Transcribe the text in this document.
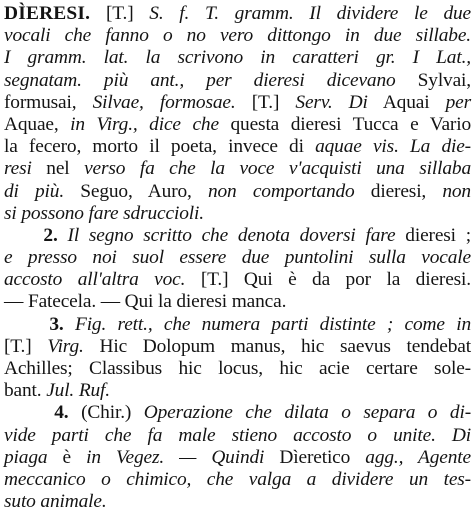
DÌERESI. [T.] S. f. T. gramm. Il dividere le due
vocali che fanno o no vero dittongo in due sillabe.
I gramm. lat. la scrivono in caratteri gr. I Lat.,
segnatam. più ant., per dieresi dicevano Sylvai,
formusai, Silvae, formosae. [T.] Serv. Di Aquai per
Aquae, in Virg., dice che questa dieresi Tucca e Vario
la fecero, morto il poeta, invece di aquae vis. La die-
resi nel verso fa che la voce v'acquisti una sillaba
di più. Seguo, Auro, non comportando dieresi, non
si possono fare sdruccioli.
2. Il segno scritto che denota doversi fare dieresi ;
e presso noi suol essere due puntolini sulla vocale
accosto all'altra voc. [T.] Qui è da por la dieresi.
— Fatecela. — Qui la dieresi manca.
3. Fig. rett., che numera parti distinte ; come in
[T.] Virg. Hic Dolopum manus, hic saevus tendebat
Achilles; Classibus hic locus, hic acie certare sole-
bant. Jul. Ruf.
4. (Chir.) Operazione che dilata o separa o di-
vide parti che fa male stieno accosto o unite. Di
piaga è in Vegez. — Quindi Dìeretico agg., Agente
meccanico o chimico, che valga a dividere un tes-
suto animale.
